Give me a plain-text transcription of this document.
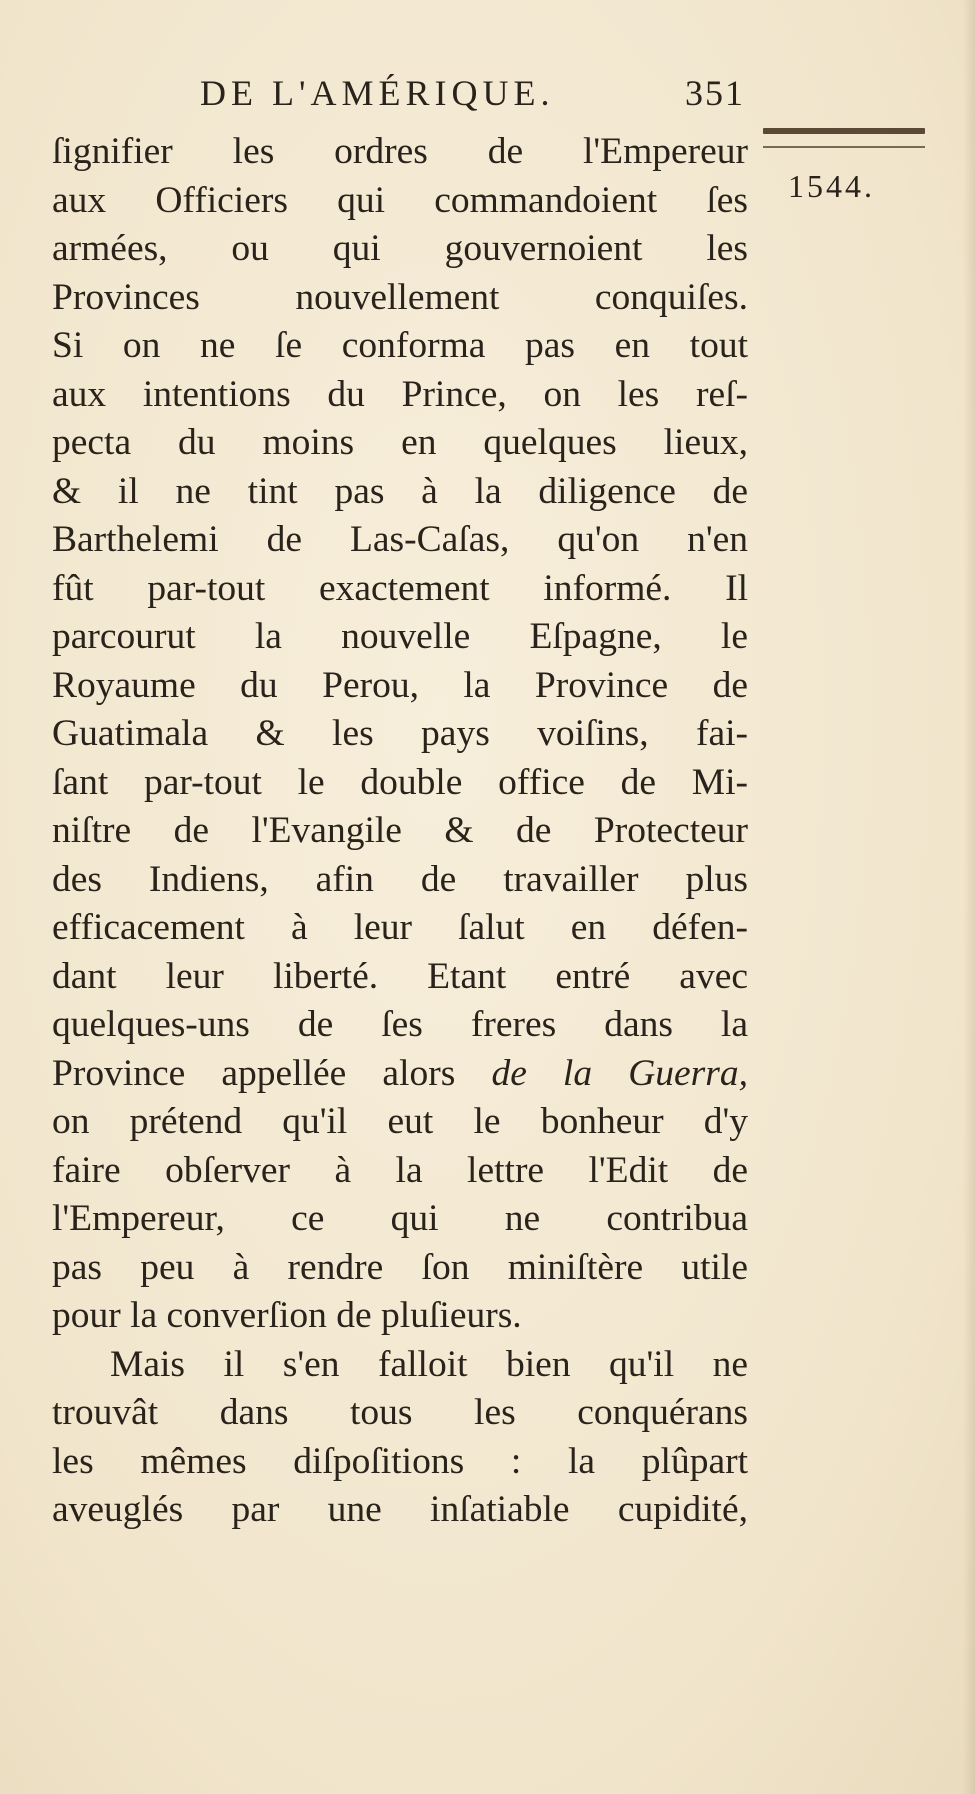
DE L'AMÉRIQUE.	351
1544.
ſignifier les ordres de l'Empereur
aux Officiers qui commandoient ſes
armées, ou qui gouvernoient les
Provinces nouvellement conquiſes.
Si on ne ſe conforma pas en tout
aux intentions du Prince, on les reſ-
pecta du moins en quelques lieux,
& il ne tint pas à la diligence de
Barthelemi de Las-Caſas, qu'on n'en
fût par-tout exactement informé. Il
parcourut la nouvelle Eſpagne, le
Royaume du Perou, la Province de
Guatimala & les pays voiſins, fai-
ſant par-tout le double office de Mi-
niſtre de l'Evangile & de Protecteur
des Indiens, afin de travailler plus
efficacement à leur ſalut en défen-
dant leur liberté. Etant entré avec
quelques-uns de ſes freres dans la
Province appellée alors de la Guerra,
on prétend qu'il eut le bonheur d'y
faire obſerver à la lettre l'Edit de
l'Empereur, ce qui ne contribua
pas peu à rendre ſon miniſtère utile
pour la converſion de pluſieurs.
Mais il s'en falloit bien qu'il ne
trouvât dans tous les conquérans
les mêmes diſpoſitions : la plûpart
aveuglés par une inſatiable cupidité,
